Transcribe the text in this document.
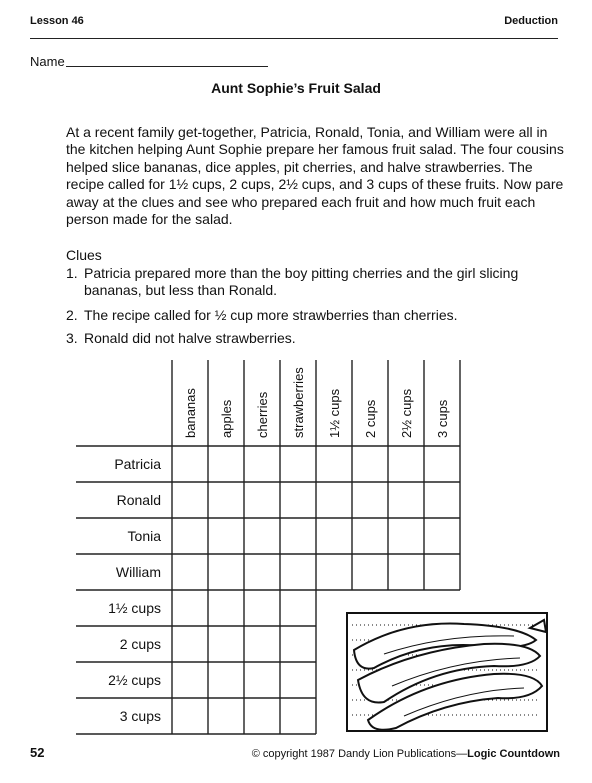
Lesson 46	Deduction
Name
Aunt Sophie’s Fruit Salad

At a recent family get-together, Patricia, Ronald, Tonia, and William were all in the kitchen helping Aunt Sophie prepare her famous fruit salad. The four cousins helped slice bananas, dice apples, pit cherries, and halve strawberries. The recipe called for 1½ cups, 2 cups, 2½ cups, and 3 cups of these fruits. Now pare away at the clues and see who prepared each fruit and how much fruit each person made for the salad.

Clues
1. Patricia prepared more than the boy pitting cherries and the girl slicing bananas, but less than Ronald.
2. The recipe called for ½ cup more strawberries than cherries.
3. Ronald did not halve strawberries.
Patricia
Ronald
Tonia
William
1½ cups
2 cups
2½ cups
3 cups
bananas apples cherries strawberries 1½ cups 2 cups 2½ cups 3 cups
52	© copyright 1987 Dandy Lion Publications—Logic Countdown
